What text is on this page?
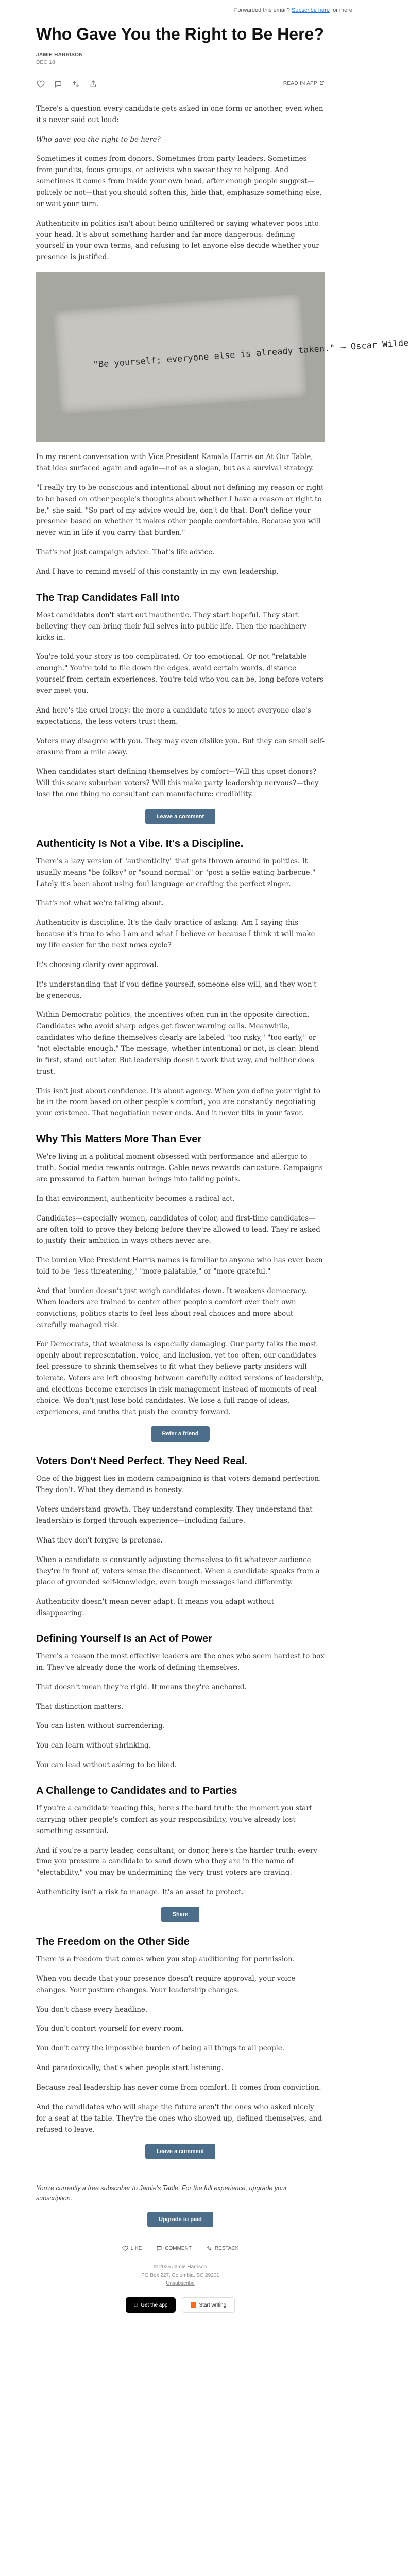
Forwarded this email? Subscribe here for more
Who Gave You the Right to Be Here?
JAMIE HARRISON
DEC 18
READ IN APP

There's a question every candidate gets asked in one form or another, even when it's never said out loud:

Who gave you the right to be here?

Sometimes it comes from donors. Sometimes from party leaders. Sometimes from pundits, focus groups, or activists who swear they're helping. And sometimes it comes from inside your own head, after enough people suggest—politely or not—that you should soften this, hide that, emphasize something else, or wait your turn.

Authenticity in politics isn't about being unfiltered or saying whatever pops into your head. It's about something harder and far more dangerous: defining yourself in your own terms, and refusing to let anyone else decide whether your presence is justified.

"Be yourself; everyone else is already taken." — Oscar Wilde

In my recent conversation with Vice President Kamala Harris on At Our Table, that idea surfaced again and again—not as a slogan, but as a survival strategy.

"I really try to be conscious and intentional about not defining my reason or right to be based on other people's thoughts about whether I have a reason or right to be," she said. "So part of my advice would be, don't do that. Don't define your presence based on whether it makes other people comfortable. Because you will never win in life if you carry that burden."

That's not just campaign advice. That's life advice.

And I have to remind myself of this constantly in my own leadership.

The Trap Candidates Fall Into

Most candidates don't start out inauthentic. They start hopeful. They start believing they can bring their full selves into public life. Then the machinery kicks in.

You're told your story is too complicated. Or too emotional. Or not "relatable enough." You're told to file down the edges, avoid certain words, distance yourself from certain experiences. You're told who you can be, long before voters ever meet you.

And here's the cruel irony: the more a candidate tries to meet everyone else's expectations, the less voters trust them.

Voters may disagree with you. They may even dislike you. But they can smell self-erasure from a mile away.

When candidates start defining themselves by comfort—Will this upset donors? Will this scare suburban voters? Will this make party leadership nervous?—they lose the one thing no consultant can manufacture: credibility.

Leave a comment
Authenticity Is Not a Vibe. It's a Discipline.

There's a lazy version of "authenticity" that gets thrown around in politics. It usually means "be folksy" or "sound normal" or "post a selfie eating barbecue." Lately it's been about using foul language or crafting the perfect zinger.

That's not what we're talking about.

Authenticity is discipline. It's the daily practice of asking: Am I saying this because it's true to who I am and what I believe or because I think it will make my life easier for the next news cycle?

It's choosing clarity over approval.

It's understanding that if you define yourself, someone else will, and they won't be generous.

Within Democratic politics, the incentives often run in the opposite direction. Candidates who avoid sharp edges get fewer warning calls. Meanwhile, candidates who define themselves clearly are labeled "too risky," "too early," or "not electable enough." The message, whether intentional or not, is clear: blend in first, stand out later. But leadership doesn't work that way, and neither does trust.

This isn't just about confidence. It's about agency. When you define your right to be in the room based on other people's comfort, you are constantly negotiating your existence. That negotiation never ends. And it never tilts in your favor.

Why This Matters More Than Ever

We're living in a political moment obsessed with performance and allergic to truth. Social media rewards outrage. Cable news rewards caricature. Campaigns are pressured to flatten human beings into talking points.

In that environment, authenticity becomes a radical act.

Candidates—especially women, candidates of color, and first-time candidates—are often told to prove they belong before they're allowed to lead. They're asked to justify their ambition in ways others never are.

The burden Vice President Harris names is familiar to anyone who has ever been told to be "less threatening," "more palatable," or "more grateful."

And that burden doesn't just weigh candidates down. It weakens democracy. When leaders are trained to center other people's comfort over their own convictions, politics starts to feel less about real choices and more about carefully managed risk.

For Democrats, that weakness is especially damaging. Our party talks the most openly about representation, voice, and inclusion, yet too often, our candidates feel pressure to shrink themselves to fit what they believe party insiders will tolerate. Voters are left choosing between carefully edited versions of leadership, and elections become exercises in risk management instead of moments of real choice. We don't just lose bold candidates. We lose a full range of ideas, experiences, and truths that push the country forward.

Refer a friend
Voters Don't Need Perfect. They Need Real.

One of the biggest lies in modern campaigning is that voters demand perfection. They don't. What they demand is honesty.

Voters understand growth. They understand complexity. They understand that leadership is forged through experience—including failure.

What they don't forgive is pretense.

When a candidate is constantly adjusting themselves to fit whatever audience they're in front of, voters sense the disconnect. When a candidate speaks from a place of grounded self-knowledge, even tough messages land differently.

Authenticity doesn't mean never adapt. It means you adapt without disappearing.

Defining Yourself Is an Act of Power

There's a reason the most effective leaders are the ones who seem hardest to box in. They've already done the work of defining themselves.

That doesn't mean they're rigid. It means they're anchored.

That distinction matters.

You can listen without surrendering.

You can learn without shrinking.

You can lead without asking to be liked.

A Challenge to Candidates and to Parties

If you're a candidate reading this, here's the hard truth: the moment you start carrying other people's comfort as your responsibility, you've already lost something essential.

And if you're a party leader, consultant, or donor, here's the harder truth: every time you pressure a candidate to sand down who they are in the name of "electability," you may be undermining the very trust voters are craving.

Authenticity isn't a risk to manage. It's an asset to protect.

Share
The Freedom on the Other Side

There is a freedom that comes when you stop auditioning for permission.

When you decide that your presence doesn't require approval, your voice changes. Your posture changes. Your leadership changes.

You don't chase every headline.

You don't contort yourself for every room.

You don't carry the impossible burden of being all things to all people.

And paradoxically, that's when people start listening.

Because real leadership has never come from comfort. It comes from conviction.

And the candidates who will shape the future aren't the ones who asked nicely for a seat at the table. They're the ones who showed up, defined themselves, and refused to leave.

Leave a comment
You're currently a free subscriber to Jamie's Table. For the full experience, upgrade your subscription.
Upgrade to paid
LIKE	COMMENT	RESTACK
© 2025 Jamie Harrison
PO Box 227, Columbia, SC 29201
Unsubscribe
Get the app	Start writing
